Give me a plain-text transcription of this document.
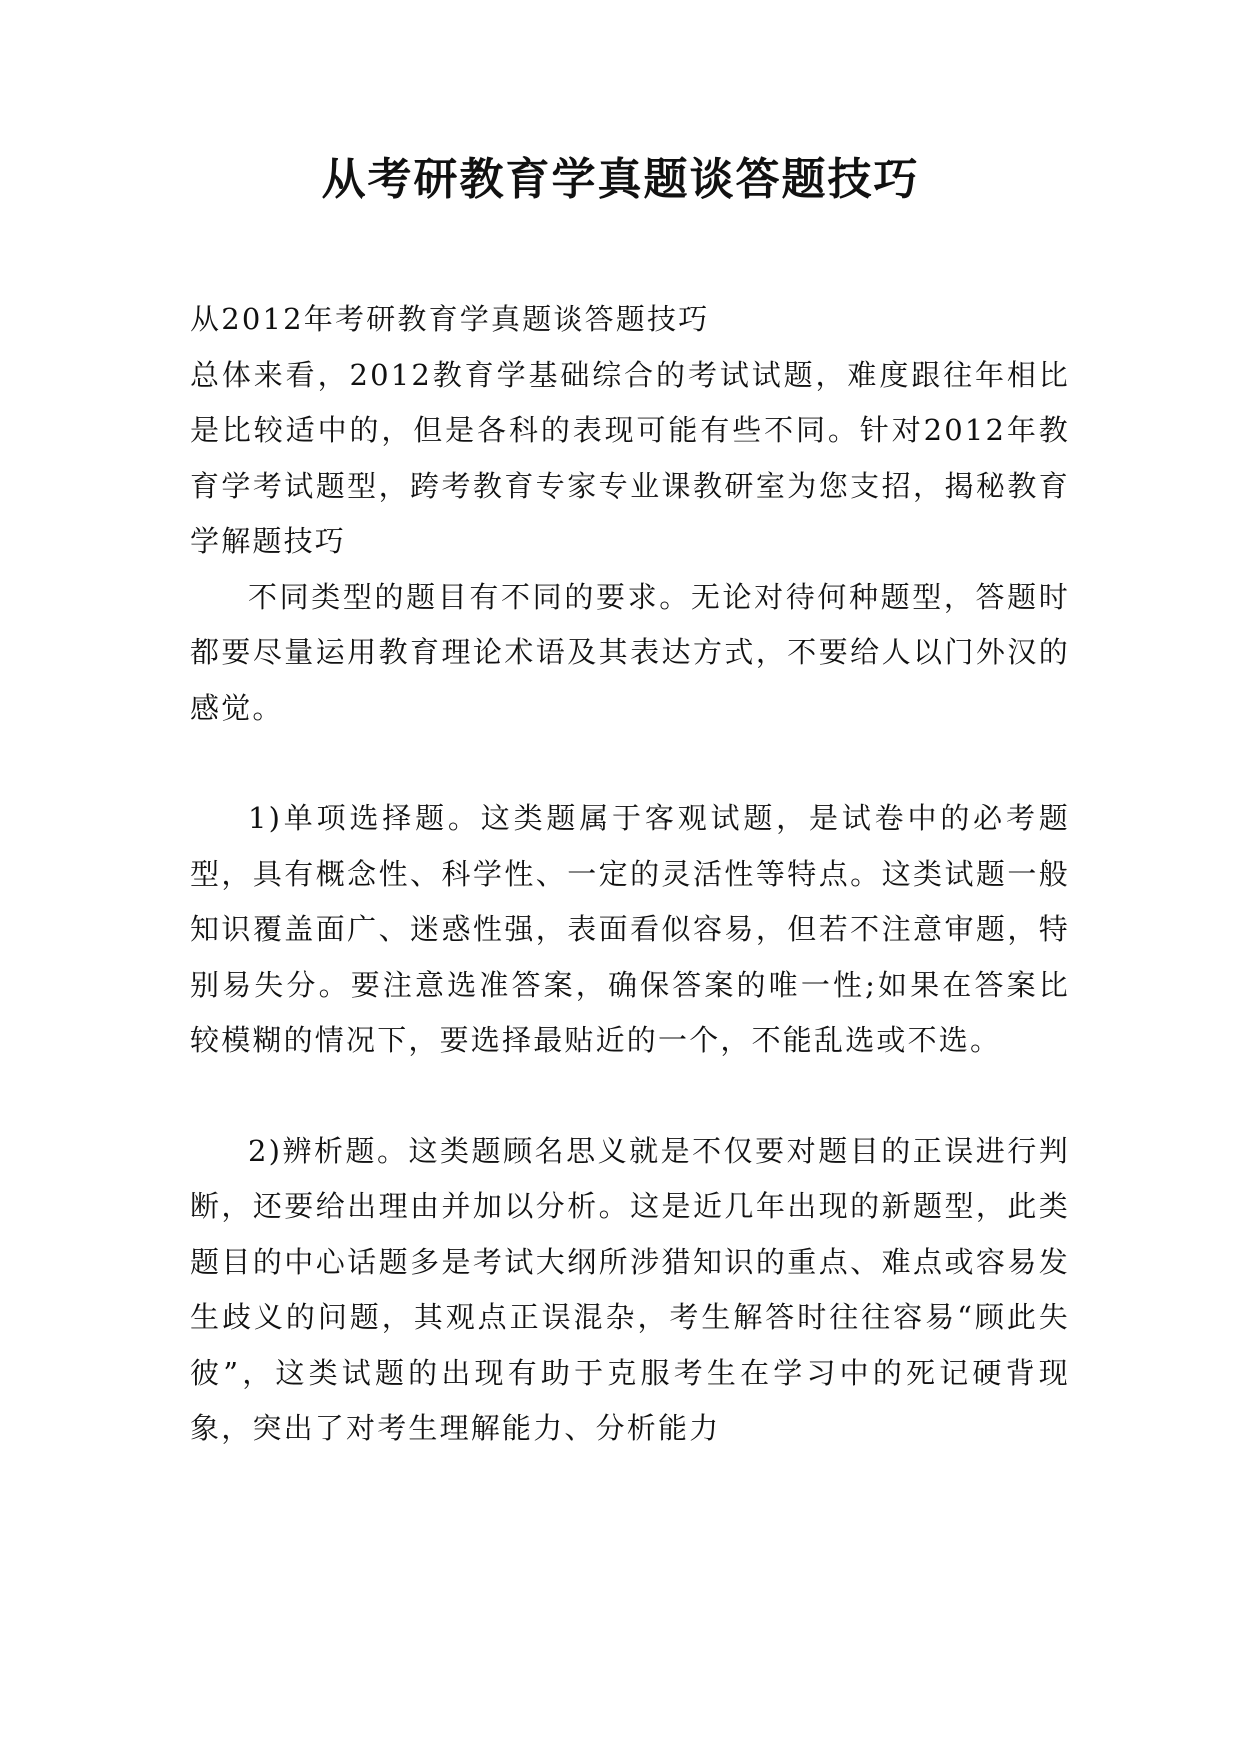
从考研教育学真题谈答题技巧

从2012年考研教育学真题谈答题技巧

总体来看，2012教育学基础综合的考试试题，难度跟往年相比是比较适中的，但是各科的表现可能有些不同。针对2012年教育学考试题型，跨考教育专家专业课教研室为您支招，揭秘教育学解题技巧

不同类型的题目有不同的要求。无论对待何种题型，答题时都要尽量运用教育理论术语及其表达方式，不要给人以门外汉的感觉。

1)单项选择题。这类题属于客观试题，是试卷中的必考题型，具有概念性、科学性、一定的灵活性等特点。这类试题一般知识覆盖面广、迷惑性强，表面看似容易，但若不注意审题，特别易失分。要注意选准答案，确保答案的唯一性;如果在答案比较模糊的情况下，要选择最贴近的一个，不能乱选或不选。

2)辨析题。这类题顾名思义就是不仅要对题目的正误进行判断，还要给出理由并加以分析。这是近几年出现的新题型，此类题目的中心话题多是考试大纲所涉猎知识的重点、难点或容易发生歧义的问题，其观点正误混杂，考生解答时往往容易“顾此失彼”，这类试题的出现有助于克服考生在学习中的死记硬背现象，突出了对考生理解能力、分析能力
